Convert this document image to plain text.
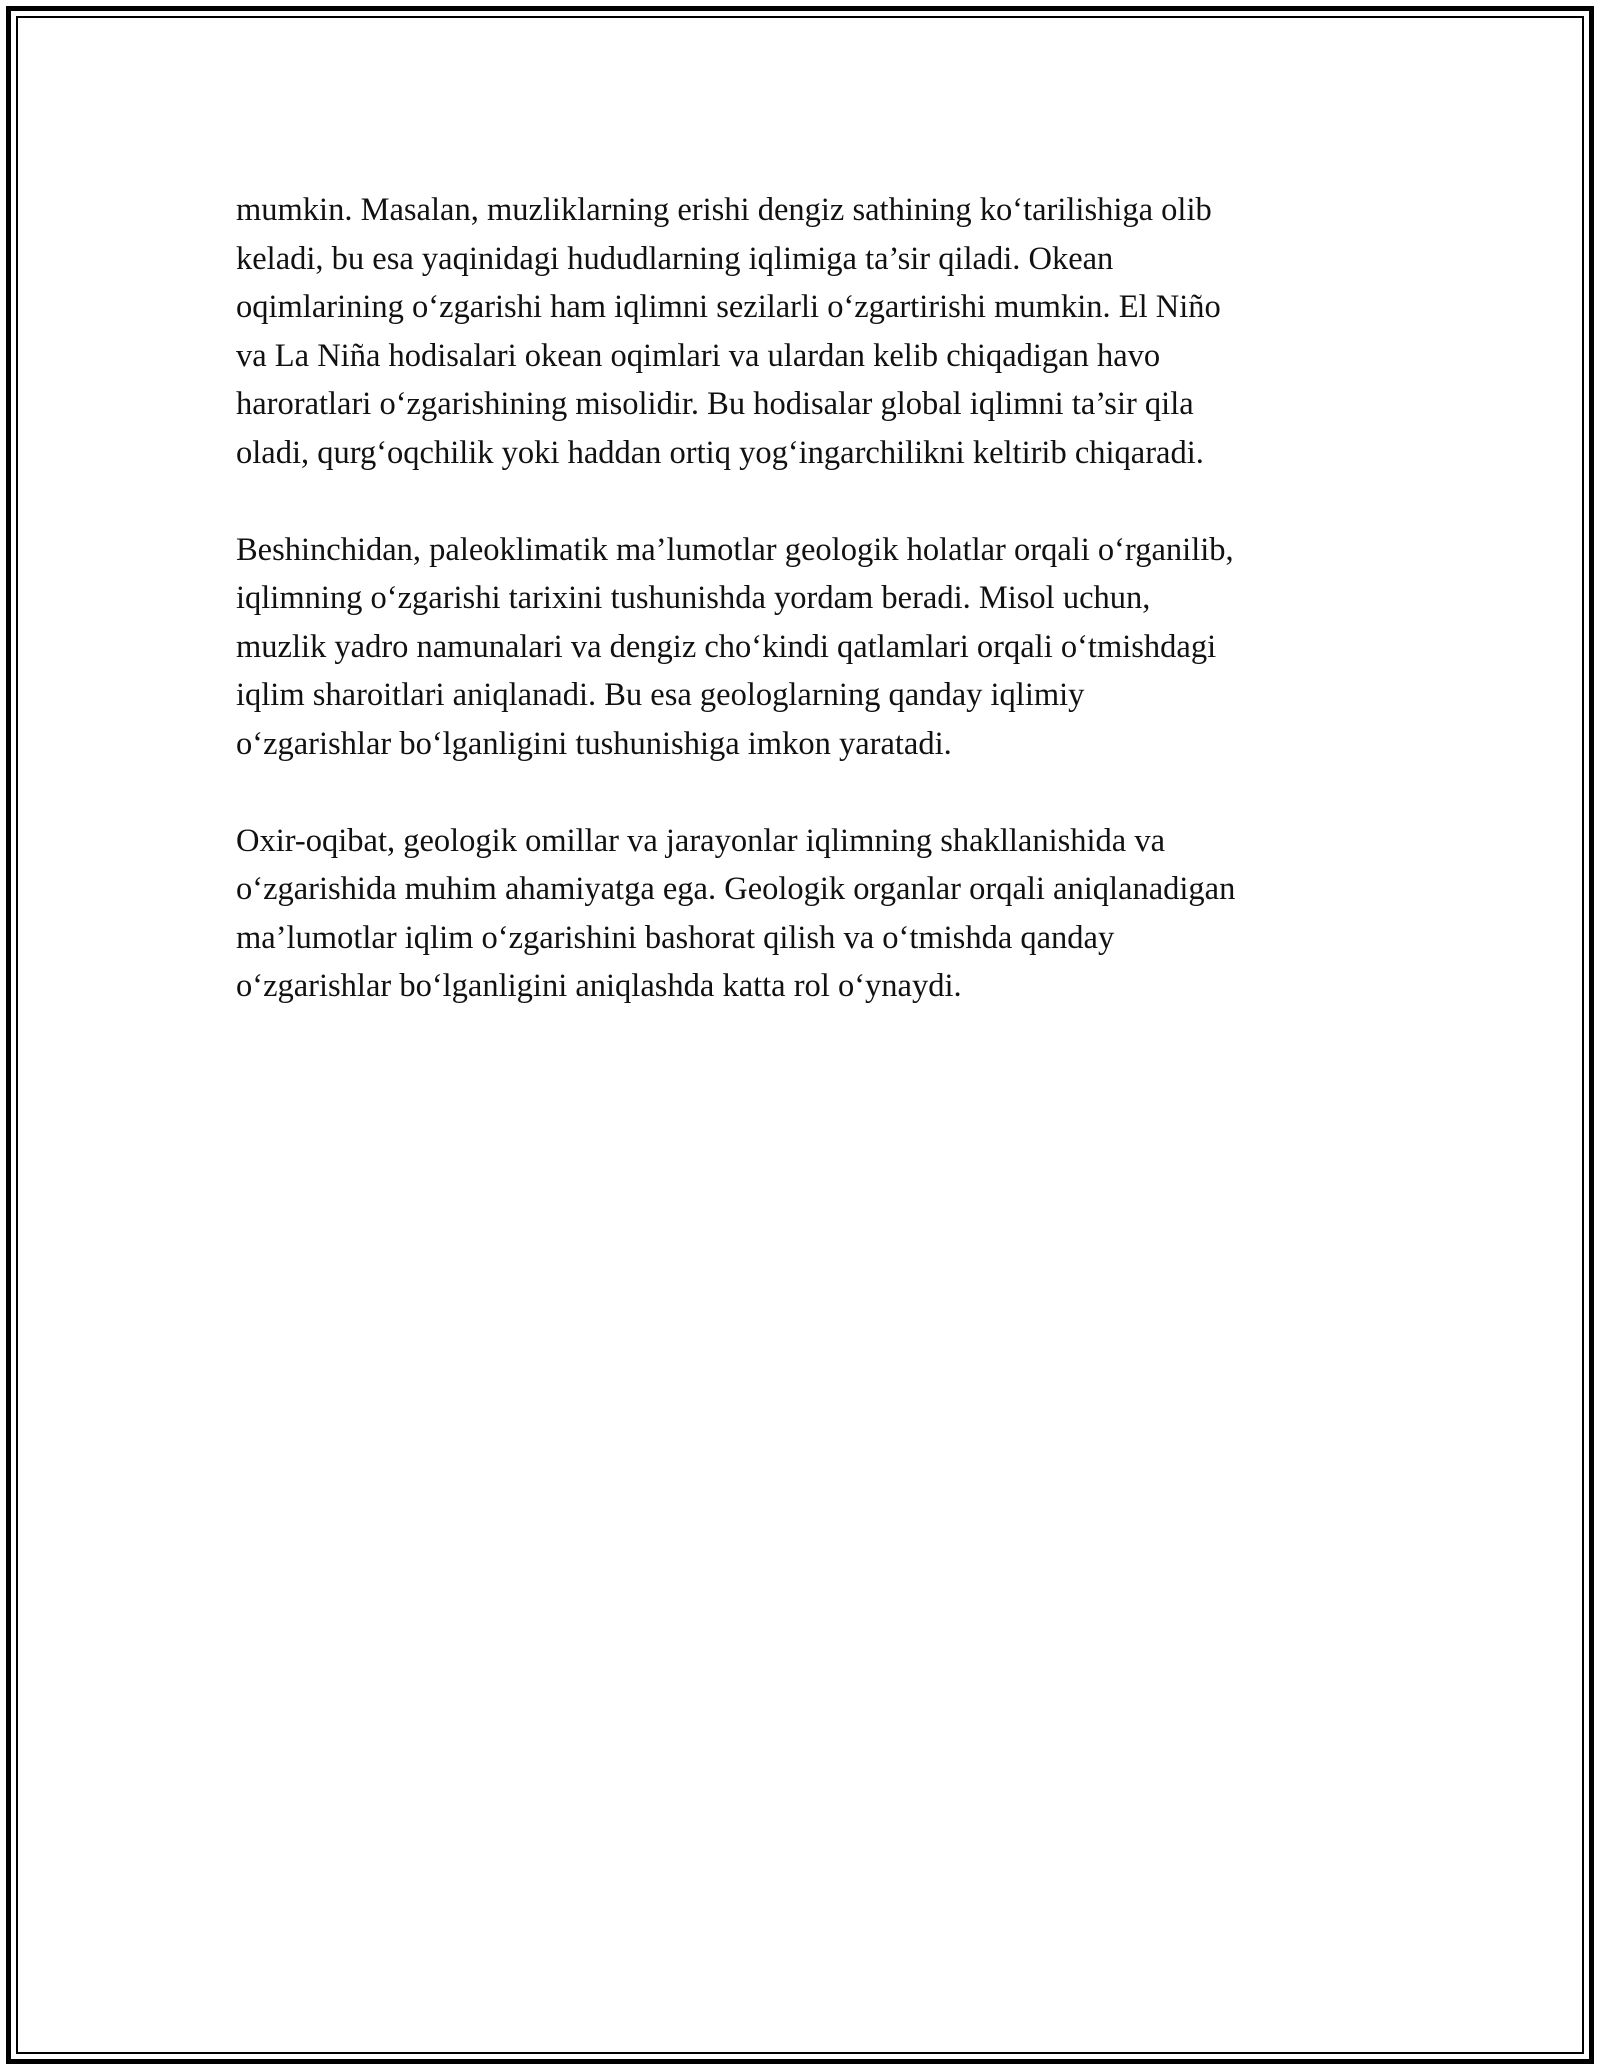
mumkin. Masalan, muzliklarning erishi dengiz sathining ko‘tarilishiga olib
keladi, bu esa yaqinidagi hududlarning iqlimiga ta’sir qiladi. Okean
oqimlarining o‘zgarishi ham iqlimni sezilarli o‘zgartirishi mumkin. El Niño
va La Niña hodisalari okean oqimlari va ulardan kelib chiqadigan havo
haroratlari o‘zgarishining misolidir. Bu hodisalar global iqlimni ta’sir qila
oladi, qurg‘oqchilik yoki haddan ortiq yog‘ingarchilikni keltirib chiqaradi.

Beshinchidan, paleoklimatik ma’lumotlar geologik holatlar orqali o‘rganilib,
iqlimning o‘zgarishi tarixini tushunishda yordam beradi. Misol uchun,
muzlik yadro namunalari va dengiz cho‘kindi qatlamlari orqali o‘tmishdagi
iqlim sharoitlari aniqlanadi. Bu esa geologlarning qanday iqlimiy
o‘zgarishlar bo‘lganligini tushunishiga imkon yaratadi.

Oxir-oqibat, geologik omillar va jarayonlar iqlimning shakllanishida va
o‘zgarishida muhim ahamiyatga ega. Geologik organlar orqali aniqlanadigan
ma’lumotlar iqlim o‘zgarishini bashorat qilish va o‘tmishda qanday
o‘zgarishlar bo‘lganligini aniqlashda katta rol o‘ynaydi.
